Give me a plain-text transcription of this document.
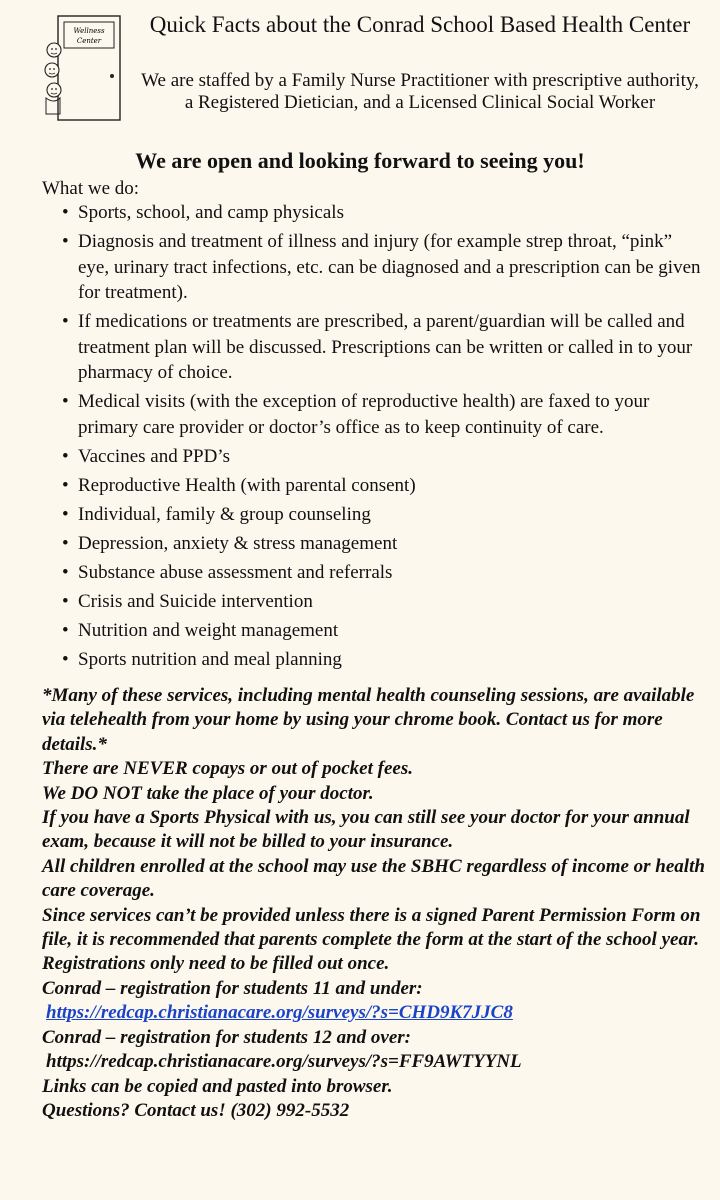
Wellness
Center
Quick Facts about the Conrad School Based Health Center
We are staffed by a Family Nurse Practitioner with prescriptive authority, a Registered Dietician, and a Licensed Clinical Social Worker
We are open and looking forward to seeing you!
What we do:
• Sports, school, and camp physicals
• Diagnosis and treatment of illness and injury (for example strep throat, “pink” eye, urinary tract infections, etc. can be diagnosed and a prescription can be given for treatment).
• If medications or treatments are prescribed, a parent/guardian will be called and treatment plan will be discussed. Prescriptions can be written or called in to your pharmacy of choice.
• Medical visits (with the exception of reproductive health) are faxed to your primary care provider or doctor’s office as to keep continuity of care.
• Vaccines and PPD’s
• Reproductive Health (with parental consent)
• Individual, family & group counseling
• Depression, anxiety & stress management
• Substance abuse assessment and referrals
• Crisis and Suicide intervention
• Nutrition and weight management
• Sports nutrition and meal planning

*Many of these services, including mental health counseling sessions, are available via telehealth from your home by using your chrome book. Contact us for more details.*

There are NEVER copays or out of pocket fees.

We DO NOT take the place of your doctor.

If you have a Sports Physical with us, you can still see your doctor for your annual exam, because it will not be billed to your insurance.

All children enrolled at the school may use the SBHC regardless of income or health care coverage.

Since services can’t be provided unless there is a signed Parent Permission Form on file, it is recommended that parents complete the form at the start of the school year. Registrations only need to be filled out once.

Conrad – registration for students 11 and under:

https://redcap.christianacare.org/surveys/?s=CHD9K7JJC8

Conrad – registration for students 12 and over:

https://redcap.christianacare.org/surveys/?s=FF9AWTYYNL

Links can be copied and pasted into browser.

Questions? Contact us! (302) 992-5532
